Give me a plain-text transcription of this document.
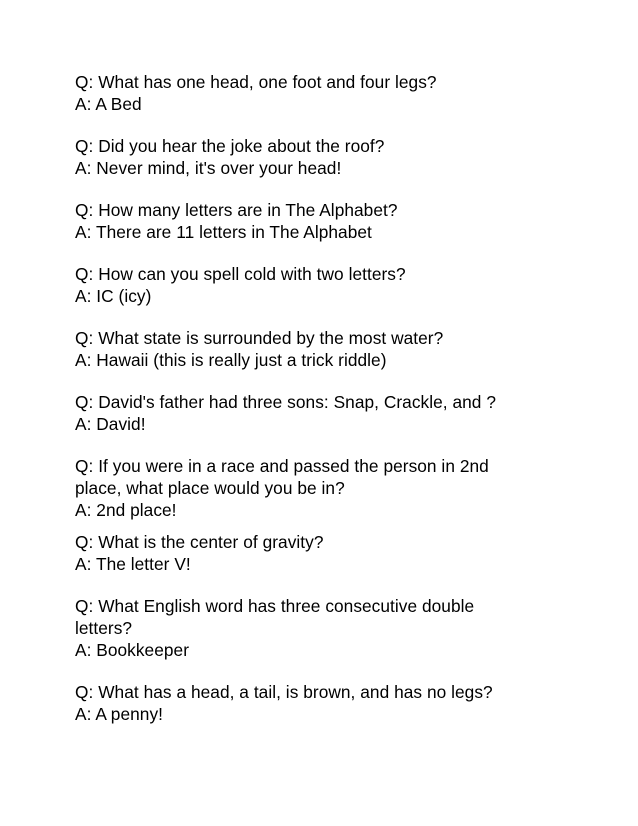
Q: What has one head, one foot and four legs?
A: A Bed
Q: Did you hear the joke about the roof?
A: Never mind, it's over your head!
Q: How many letters are in The Alphabet?
A: There are 11 letters in The Alphabet
Q: How can you spell cold with two letters?
A: IC (icy)
Q: What state is surrounded by the most water?
A: Hawaii (this is really just a trick riddle)
Q: David's father had three sons: Snap, Crackle, and ?
A: David!
Q: If you were in a race and passed the person in 2nd
place, what place would you be in?
A: 2nd place!
Q: What is the center of gravity?
A: The letter V!
Q: What English word has three consecutive double
letters?
A: Bookkeeper
Q: What has a head, a tail, is brown, and has no legs?
A: A penny!
